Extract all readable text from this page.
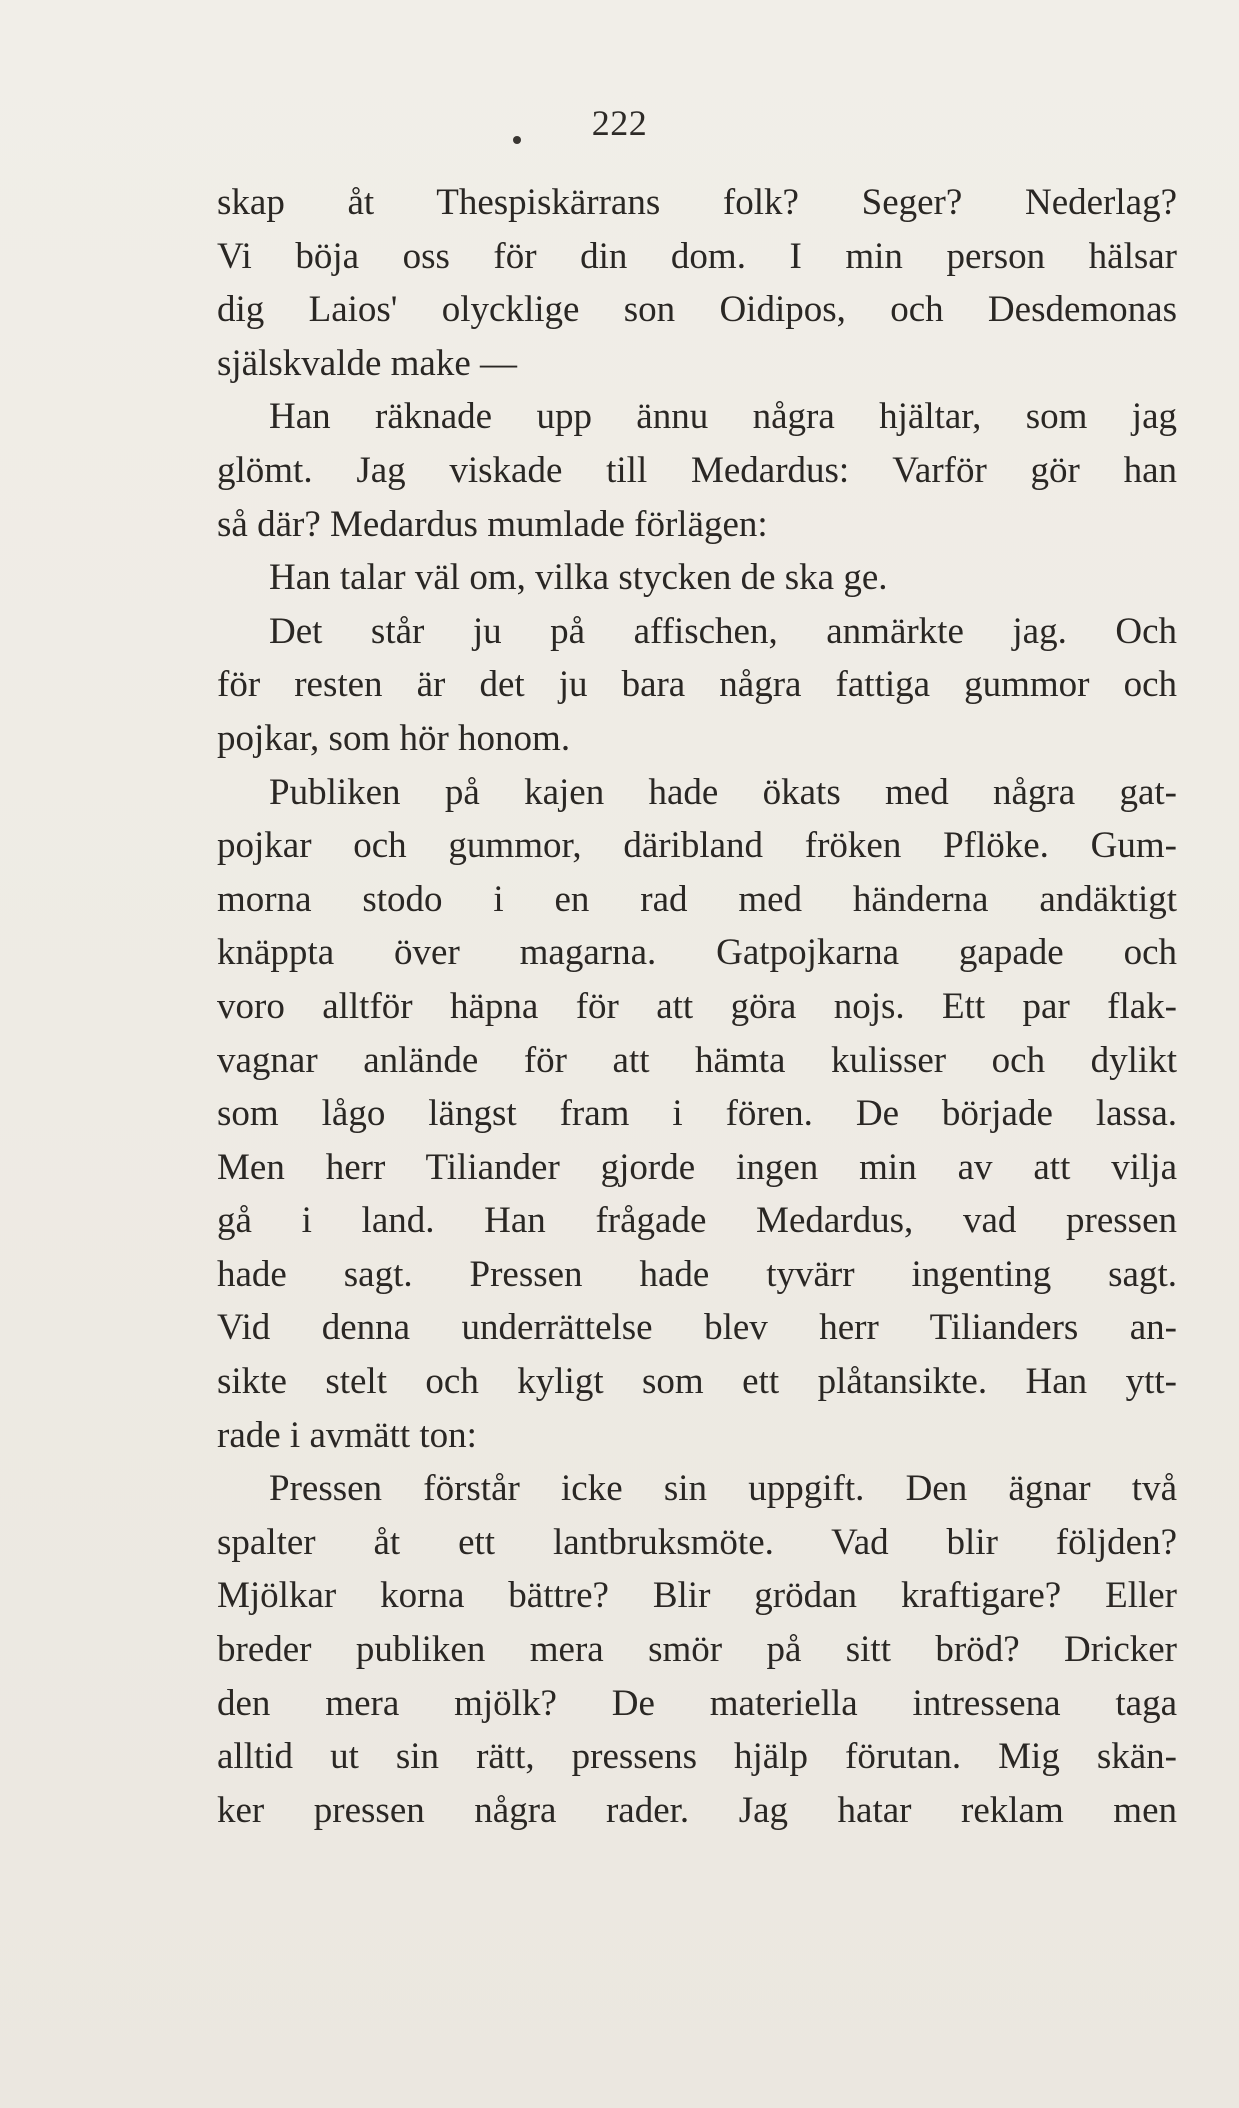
222
skap åt Thespiskärrans folk? Seger? Nederlag?
Vi böja oss för din dom. I min person hälsar
dig Laios' olycklige son Oidipos, och Desdemonas
själskvalde make —
Han räknade upp ännu några hjältar, som jag
glömt. Jag viskade till Medardus: Varför gör han
så där? Medardus mumlade förlägen:
Han talar väl om, vilka stycken de ska ge.
Det står ju på affischen, anmärkte jag. Och
för resten är det ju bara några fattiga gummor och
pojkar, som hör honom.
Publiken på kajen hade ökats med några gat-
pojkar och gummor, däribland fröken Pflöke. Gum-
morna stodo i en rad med händerna andäktigt
knäppta över magarna. Gatpojkarna gapade och
voro alltför häpna för att göra nojs. Ett par flak-
vagnar anlände för att hämta kulisser och dylikt
som lågo längst fram i fören. De började lassa.
Men herr Tiliander gjorde ingen min av att vilja
gå i land. Han frågade Medardus, vad pressen
hade sagt. Pressen hade tyvärr ingenting sagt.
Vid denna underrättelse blev herr Tilianders an-
sikte stelt och kyligt som ett plåtansikte. Han ytt-
rade i avmätt ton:
Pressen förstår icke sin uppgift. Den ägnar två
spalter åt ett lantbruksmöte. Vad blir följden?
Mjölkar korna bättre? Blir grödan kraftigare? Eller
breder publiken mera smör på sitt bröd? Dricker
den mera mjölk? De materiella intressena taga
alltid ut sin rätt, pressens hjälp förutan. Mig skän-
ker pressen några rader. Jag hatar reklam men
